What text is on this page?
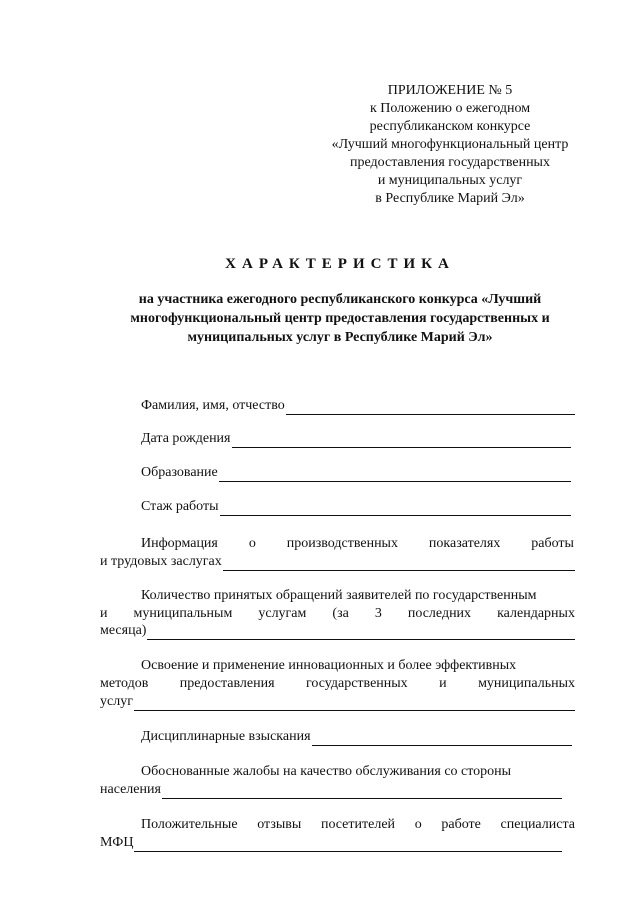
ПРИЛОЖЕНИЕ № 5
к Положению о ежегодном
республиканском конкурсе
«Лучший многофункциональный центр
предоставления государственных
и муниципальных услуг
в Республике Марий Эл»
ХАРАКТЕРИСТИКА
на участника ежегодного республиканского конкурса «Лучший
многофункциональный центр предоставления государственных и
муниципальных услуг в Республике Марий Эл»
Фамилия, имя, отчество
Дата рождения
Образование
Стаж работы
Информация о производственных показателях работы
и трудовых заслугах
Количество принятых обращений заявителей по государственным
и муниципальным услугам (за 3 последних календарных
месяца)
Освоение и применение инновационных и более эффективных
методов предоставления государственных и муниципальных
услуг
Дисциплинарные взыскания
Обоснованные жалобы на качество обслуживания со стороны
населения
Положительные отзывы посетителей о работе специалиста
МФЦ
